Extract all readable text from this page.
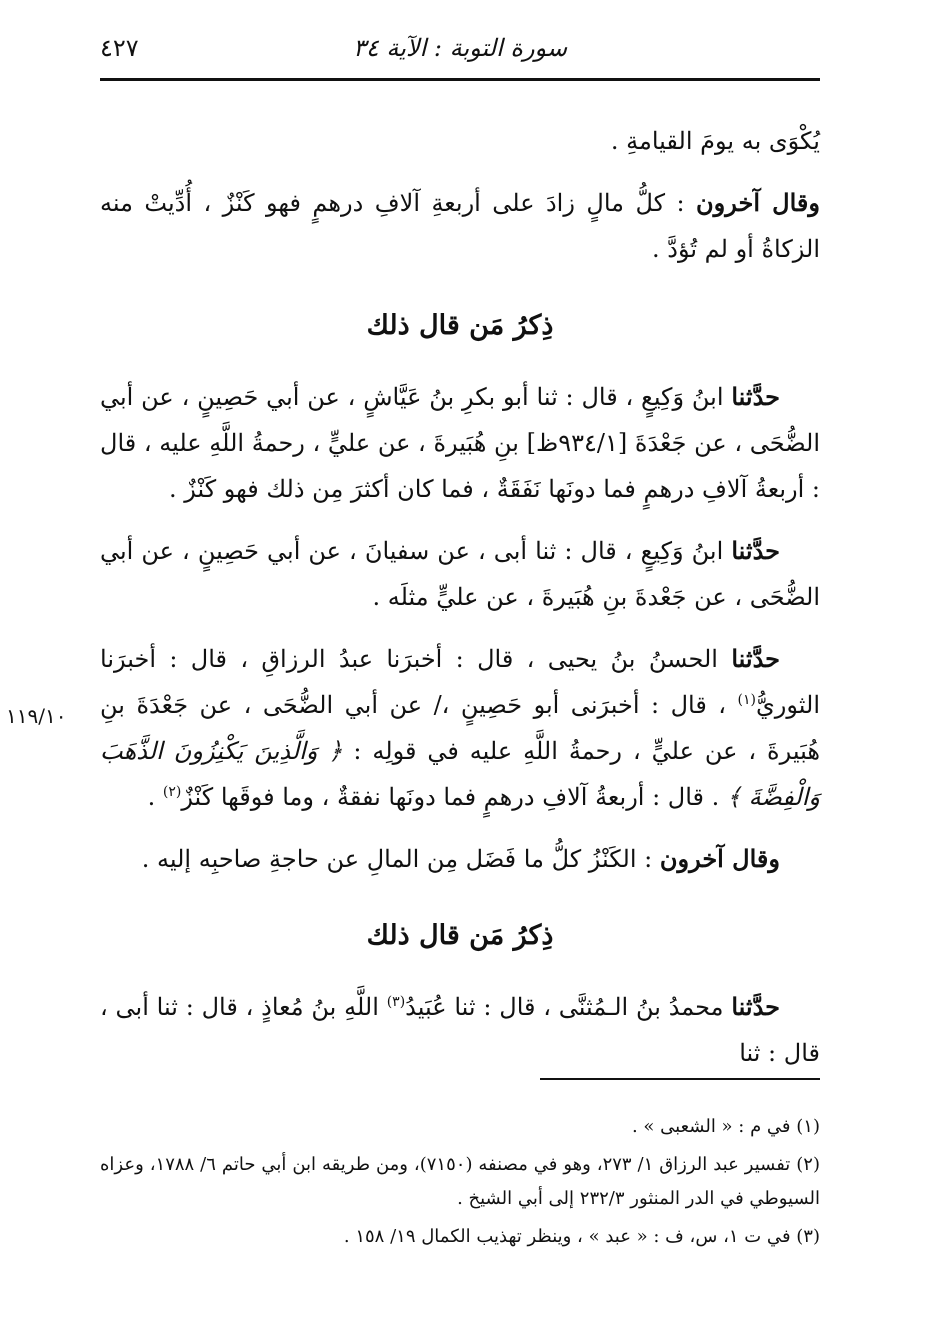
٤٢٧	سورة التوبة : الآية ٣٤
١١٩/١٠

يُكْوَى به يومَ القيامةِ .

وقال آخرون : كلُّ مالٍ زادَ على أربعةِ آلافِ درهمٍ فهو كَنْزٌ ، أُدِّيتْ منه الزكاةُ أو لم تُؤدَّ .

ذِكرُ مَن قال ذلك

حدَّثنا ابنُ وَكِيعٍ ، قال : ثنا أبو بكرِ بنُ عَيَّاشٍ ، عن أبي حَصِينٍ ، عن أبي الضُّحَى ، عن جَعْدَةَ [٩٣٤/١ظ] بنِ هُبَيرةَ ، عن عليٍّ ، رحمةُ اللَّهِ عليه ، قال : أربعةُ آلافِ درهمٍ فما دونَها نَفَقَةٌ ، فما كان أكثرَ مِن ذلك فهو كَنْزٌ .

حدَّثنا ابنُ وَكِيعٍ ، قال : ثنا أبى ، عن سفيانَ ، عن أبي حَصِينٍ ، عن أبي الضُّحَى ، عن جَعْدةَ بنِ هُبَيرةَ ، عن عليٍّ مثلَه .

حدَّثنا الحسنُ بنُ يحيى ، قال : أخبرَنا عبدُ الرزاقِ ، قال : أخبرَنا الثوريُّ$^{(١)}$ ، قال : أخبرَنى أبو حَصِينٍ ،/ عن أبي الضُّحَى ، عن جَعْدَةَ بنِ هُبَيرةَ ، عن عليٍّ ، رحمةُ اللَّهِ عليه في قولِه : ﴿ وَالَّذِينَ يَكْنِزُونَ الذَّهَبَ وَالْفِضَّةَ ﴾ . قال : أربعةُ آلافِ درهمٍ فما دونَها نفقةٌ ، وما فوقَها كَنْزٌ$^{(٢)}$ .

وقال آخرون : الكَنْزُ كلُّ ما فَضَل مِن المالِ عن حاجةِ صاحبِه إليه .

ذِكرُ مَن قال ذلك

حدَّثنا محمدُ بنُ الـمُثنَّى ، قال : ثنا عُبَيدُ$^{(٣)}$ اللَّهِ بنُ مُعاذٍ ، قال : ثنا أبى ، قال : ثنا

(١) في م : « الشعبى » .

(٢) تفسير عبد الرزاق ١/ ٢٧٣، وهو في مصنفه (٧١٥٠)، ومن طريقه ابن أبي حاتم ٦/ ١٧٨٨، وعزاه السيوطي في الدر المنثور ٢٣٢/٣ إلى أبي الشيخ .

(٣) في ت ١، س، ف : « عبد » ، وينظر تهذيب الكمال ١٩/ ١٥٨ .
